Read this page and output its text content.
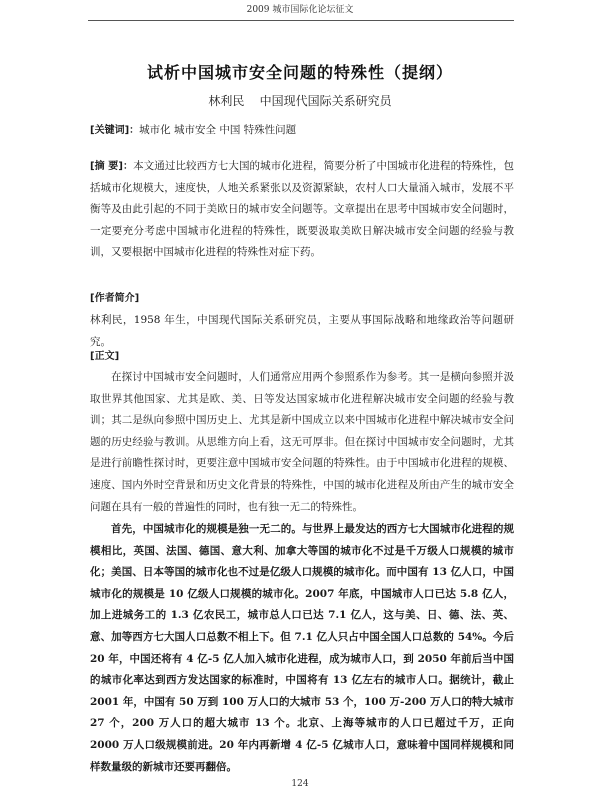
2009 城市国际化论坛征文
试析中国城市安全问题的特殊性（提纲）
林利民    中国现代国际关系研究员
[关键词]：城市化 城市安全 中国 特殊性问题
[摘 要]：本文通过比较西方七大国的城市化进程，简要分析了中国城市化进程的特殊性，包括城市化规模大，速度快，人地关系紧张以及资源紧缺，农村人口大量涌入城市，发展不平衡等及由此引起的不同于美欧日的城市安全问题等。文章提出在思考中国城市安全问题时，一定要充分考虑中国城市化进程的特殊性，既要汲取美欧日解决城市安全问题的经验与教训，又要根据中国城市化进程的特殊性对症下药。
[作者简介]
林利民，1958 年生，中国现代国际关系研究员，主要从事国际战略和地缘政治等问题研究。
[正文]
在探讨中国城市安全问题时，人们通常应用两个参照系作为参考。其一是横向参照并汲取世界其他国家、尤其是欧、美、日等发达国家城市化进程解决城市安全问题的经验与教训；其二是纵向参照中国历史上、尤其是新中国成立以来中国城市化进程中解决城市安全问题的历史经验与教训。从思维方向上看，这无可厚非。但在探讨中国城市安全问题时，尤其是进行前瞻性探讨时，更要注意中国城市安全问题的特殊性。由于中国城市化进程的规模、速度、国内外时空背景和历史文化背景的特殊性，中国的城市化进程及所由产生的城市安全问题在具有一般的普遍性的同时，也有独一无二的特殊性。
首先，中国城市化的规模是独一无二的。与世界上最发达的西方七大国城市化进程的规模相比，英国、法国、德国、意大利、加拿大等国的城市化不过是千万级人口规模的城市化；美国、日本等国的城市化也不过是亿级人口规模的城市化。而中国有 13 亿人口，中国城市化的规模是 10 亿级人口规模的城市化。2007 年底，中国城市人口已达 5.8 亿人，加上进城务工的 1.3 亿农民工，城市总人口已达 7.1 亿人，这与美、日、德、法、英、意、加等西方七大国人口总数不相上下。但 7.1 亿人只占中国全国人口总数的 54%。今后 20 年，中国还将有 4 亿-5 亿人加入城市化进程，成为城市人口，到 2050 年前后当中国的城市化率达到西方发达国家的标准时，中国将有 13 亿左右的城市人口。据统计，截止 2001 年，中国有 50 万到 100 万人口的大城市 53 个，100 万-200 万人口的特大城市 27 个，200 万人口的超大城市 13 个。北京、上海等城市的人口已超过千万，正向 2000 万人口级规模前进。20 年内再新增 4 亿-5 亿城市人口，意味着中国同样规模和同样数量级的新城市还要再翻倍。
124
